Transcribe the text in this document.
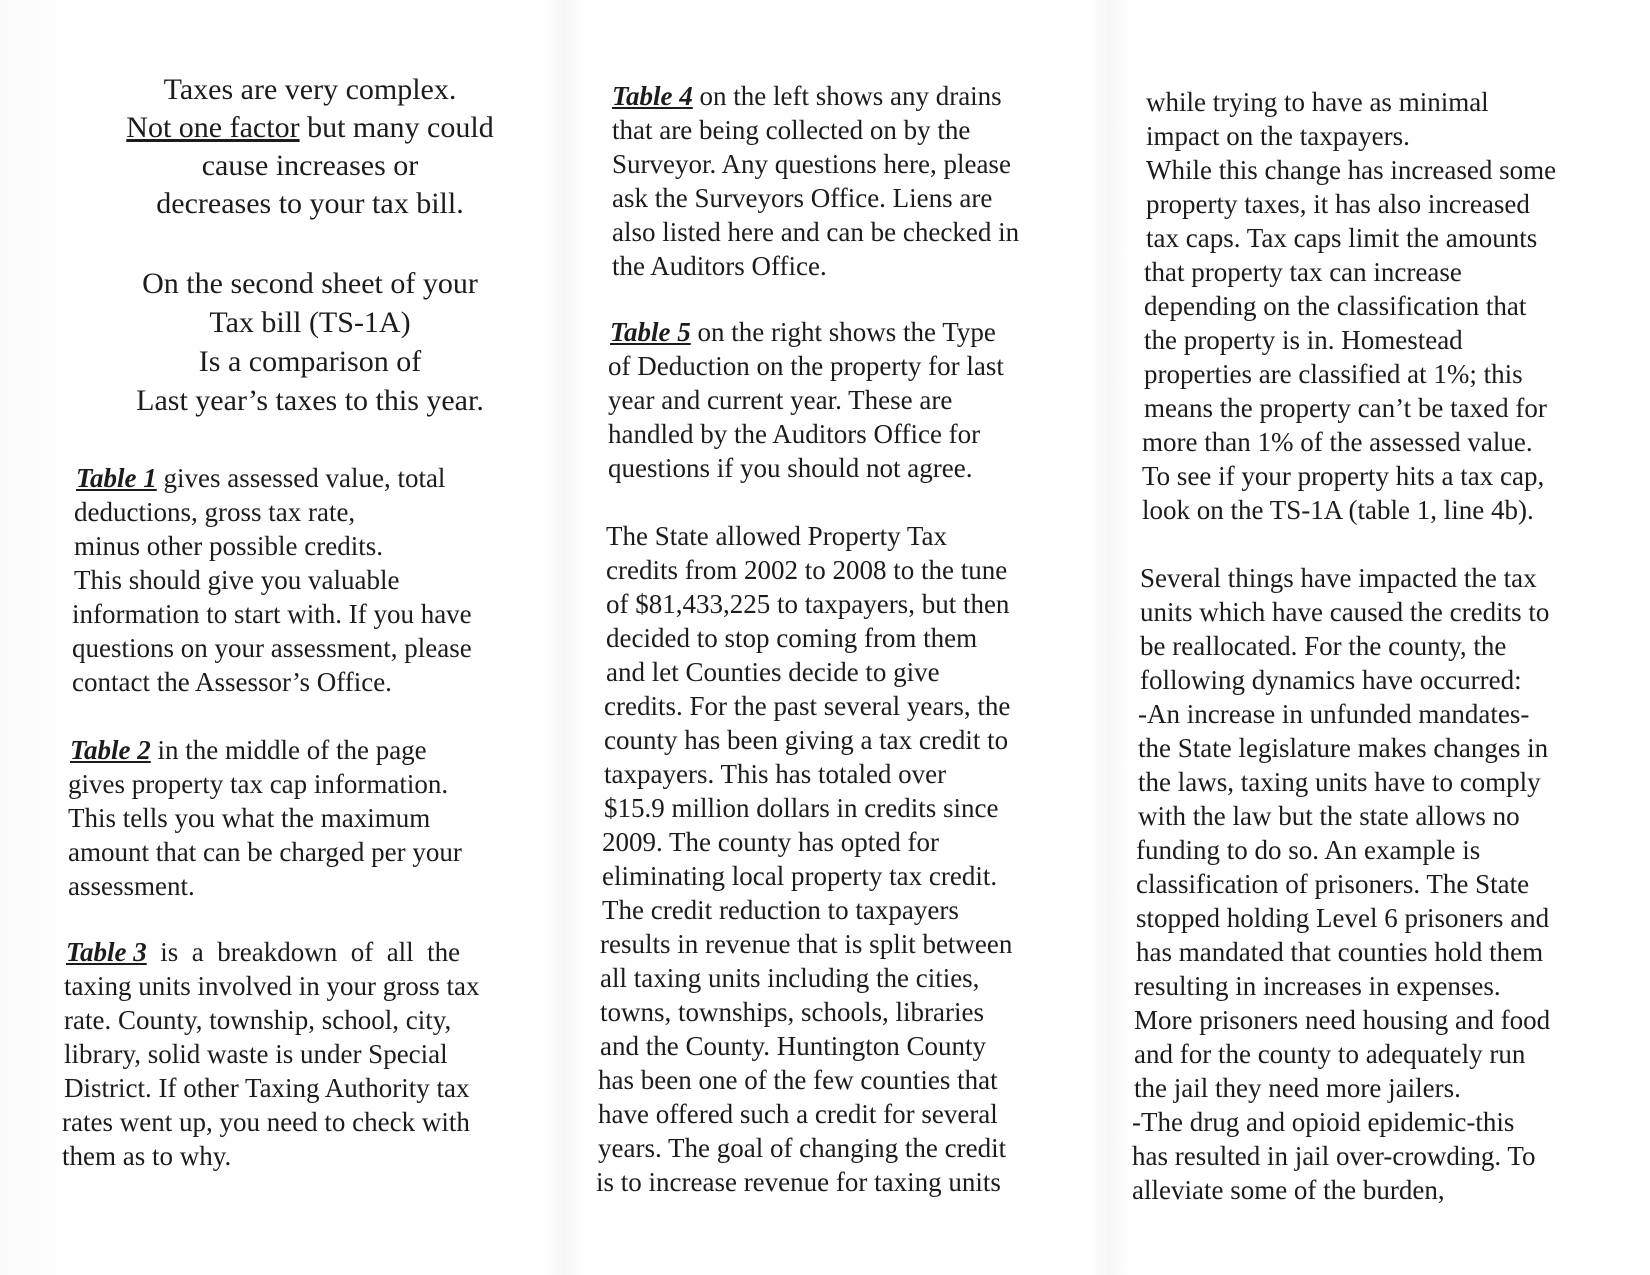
Taxes are very complex.
Not one factor but many could
cause increases or
decreases to your tax bill.
On the second sheet of your
Tax bill (TS-1A)
Is a comparison of
Last year’s taxes to this year.
Table 1 gives assessed value, total
deductions, gross tax rate,
minus other possible credits.
This should give you valuable
information to start with. If you have
questions on your assessment, please
contact the Assessor’s Office.
Table 2 in the middle of the page
gives property tax cap information.
This tells you what the maximum
amount that can be charged per your
assessment.
Table 3  is  a  breakdown  of  all  the
taxing units involved in your gross tax
rate. County, township, school, city,
library, solid waste is under Special
District. If other Taxing Authority tax
rates went up, you need to check with
them as to why.
Table 4 on the left shows any drains
that are being collected on by the
Surveyor. Any questions here, please
ask the Surveyors Office. Liens are
also listed here and can be checked in
the Auditors Office.
Table 5 on the right shows the Type
of Deduction on the property for last
year and current year. These are
handled by the Auditors Office for
questions if you should not agree.
The State allowed Property Tax
credits from 2002 to 2008 to the tune
of $81,433,225 to taxpayers, but then
decided to stop coming from them
and let Counties decide to give
credits. For the past several years, the
county has been giving a tax credit to
taxpayers. This has totaled over
$15.9 million dollars in credits since
2009. The county has opted for
eliminating local property tax credit.
The credit reduction to taxpayers
results in revenue that is split between
all taxing units including the cities,
towns, townships, schools, libraries
and the County. Huntington County
has been one of the few counties that
have offered such a credit for several
years. The goal of changing the credit
is to increase revenue for taxing units
while trying to have as minimal
impact on the taxpayers.
While this change has increased some
property taxes, it has also increased
tax caps. Tax caps limit the amounts
that property tax can increase
depending on the classification that
the property is in. Homestead
properties are classified at 1%; this
means the property can’t be taxed for
more than 1% of the assessed value.
To see if your property hits a tax cap,
look on the TS-1A (table 1, line 4b).
Several things have impacted the tax
units which have caused the credits to
be reallocated. For the county, the
following dynamics have occurred:
-An increase in unfunded mandates-
the State legislature makes changes in
the laws, taxing units have to comply
with the law but the state allows no
funding to do so. An example is
classification of prisoners. The State
stopped holding Level 6 prisoners and
has mandated that counties hold them
resulting in increases in expenses.
More prisoners need housing and food
and for the county to adequately run
the jail they need more jailers.
-The drug and opioid epidemic-this
has resulted in jail over-crowding. To
alleviate some of the burden,
